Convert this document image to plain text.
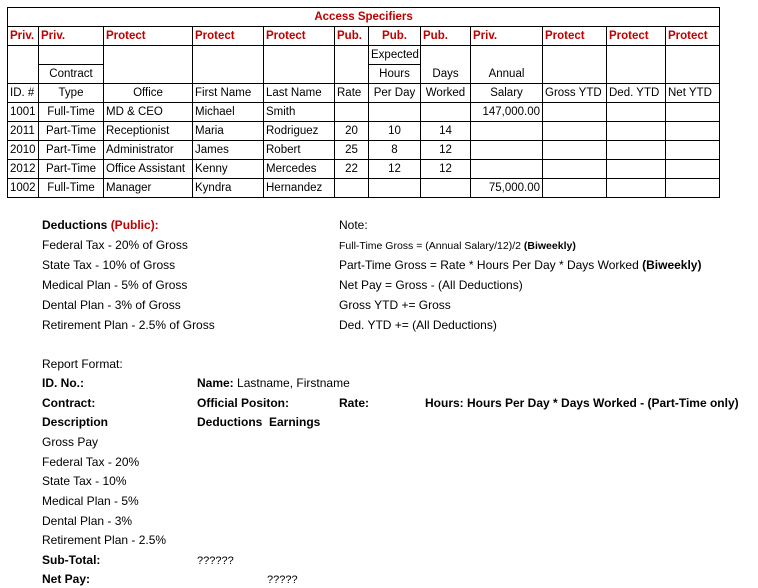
Access Specifiers											
Priv.	Priv.	Protect	Protect	Protect	Pub.	Pub.	Pub.	Priv.	Protect	Protect	Protect
						Expected					
	Contract					Hours	Days	Annual			
ID. #	Type	Office	First Name	Last Name	Rate	Per Day	Worked	Salary	Gross YTD	Ded. YTD	Net YTD
1001	Full-Time	MD & CEO	Michael	Smith				147,000.00			
2011	Part-Time	Receptionist	Maria	Rodriguez	20	10	14				
2010	Part-Time	Administrator	James	Robert	25	8	12				
2012	Part-Time	Office Assistant	Kenny	Mercedes	22	12	12				
1002	Full-Time	Manager	Kyndra	Hernandez				75,000.00			
Deductions (Public):
Federal Tax - 20% of Gross
State Tax - 10% of Gross
Medical Plan - 5% of Gross
Dental Plan - 3% of Gross
Retirement Plan - 2.5% of Gross
Note:
Full-Time Gross = (Annual Salary/12)/2 (Biweekly)
Part-Time Gross = Rate * Hours Per Day * Days Worked (Biweekly)
Net Pay = Gross - (All Deductions)
Gross YTD += Gross
Ded. YTD += (All Deductions)
Report Format:
ID. No.:	Name: Lastname, Firstname
Contract:	Official Positon:	Rate:	Hours: Hours Per Day * Days Worked - (Part-Time only)
Description	Deductions  Earnings
Gross Pay
Federal Tax - 20%
State Tax - 10%
Medical Plan - 5%
Dental Plan - 3%
Retirement Plan - 2.5%
Sub-Total:	??????
Net Pay:	?????
